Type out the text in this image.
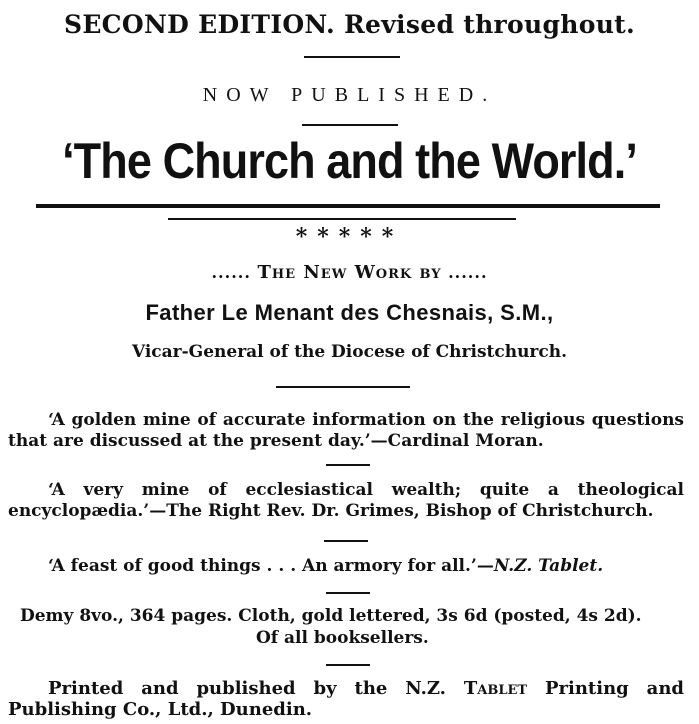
SECOND EDITION. Revised throughout.
NOW PUBLISHED.
‘The Church and the World.’
*****
...... The New Work by ......
Father Le Menant des Chesnais, S.M.,
Vicar-General of the Diocese of Christchurch.
‘A golden mine of accurate information on the religious questions that are discussed at the present day.’—Cardinal Moran.
‘A very mine of ecclesiastical wealth; quite a theological encyclopædia.’—The Right Rev. Dr. Grimes, Bishop of Christchurch.
‘A feast of good things . . . An armory for all.’—N.Z. Tablet.
Demy 8vo., 364 pages. Cloth, gold lettered, 3s 6d (posted, 4s 2d).
Of all booksellers.
Printed and published by the N.Z. Tablet Printing and Publishing Co., Ltd., Dunedin.
